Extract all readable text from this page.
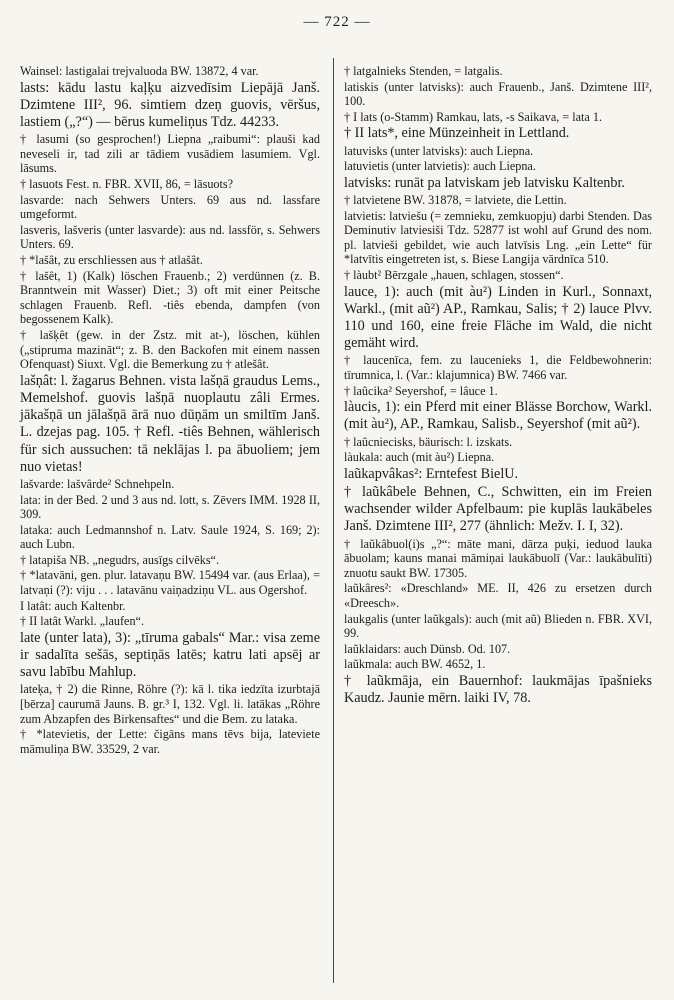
— 722 —

Wainsel: lastigalai trejvaluoda BW. 13872, 4 var.

lasts: kādu lastu kaļķu aizvedīsim Liepājā Janš. Dzimtene III², 96. simtiem dzeņ guovis, vēršus, lastiem („?“) — bērus kumeliņus Tdz. 44233.

† lasumi (so gesprochen!) Liepna „raibumi“: plauši kad neveseli ir, tad zili ar tādiem vusādiem lasumiem. Vgl. lāsums.

† lasuots Fest. n. FBR. XVII, 86, = lāsuots?

lasvarde: nach Sehwers Unters. 69 aus nd. lassfare umgeformt.

lasveris, lašveris (unter lasvarde): aus nd. lassför, s. Sehwers Unters. 69.

† *lašât, zu erschliessen aus † atlašât.

† lašêt, 1) (Kalk) löschen Frauenb.; 2) verdünnen (z. B. Branntwein mit Wasser) Diet.; 3) oft mit einer Peitsche schlagen Frauenb. Refl. -tiês ebenda, dampfen (von begossenem Kalk).

† lašķêt (gew. in der Zstz. mit at-), löschen, kühlen („stipruma mazināt“; z. B. den Backofen mit einem nassen Ofenquast) Siuxt. Vgl. die Bemerkung zu † atlešât.

lašņât: l. žagarus Behnen. vista lašņā graudus Lems., Memelshof. guovis lašņā nuoplautu zâli Ermes. jākašņā un jālašņā ārā nuo dūņām un smiltīm Janš. L. dzejas pag. 105. † Refl. -tiês Behnen, wählerisch für sich aussuchen: tā neklājas l. pa ābuoliem; jem nuo vietas!

lašvarde: lašvârde² Schnehpeln.

lata: in der Bed. 2 und 3 aus nd. lott, s. Zēvers IMM. 1928 II, 309.

lataka: auch Ledmannshof n. Latv. Saule 1924, S. 169; 2): auch Lubn.

† latapiša NB. „negudrs, ausīgs cilvēks“.

† *latavāni, gen. plur. latavaņu BW. 15494 var. (aus Erlaa), = latvaņi (?): viju . . . latavānu vaiņadziņu VL. aus Ogershof.

I latât: auch Kaltenbr.

† II latât Warkl. „laufen“.

late (unter lata), 3): „tīruma gabals“ Mar.: visa zeme ir sadalīta sešās, septiņās latēs; katru lati apsēj ar savu labību Mahlup.

lateķa, † 2) die Rinne, Röhre (?): kā l. tika iedzīta izurbtajā [bērza] caurumā Jauns. B. gr.³ I, 132. Vgl. li. latākas „Röhre zum Abzapfen des Birkensaftes“ und die Bem. zu lataka.

† *latevietis, der Lette: čigāns mans tēvs bija, lateviete māmuliņa BW. 33529, 2 var.

† latgalnieks Stenden, = latgalis.

latiskis (unter latvisks): auch Frauenb., Janš. Dzimtene III², 100.

† I lats (o-Stamm) Ramkau, lats, -s Saikava, = lata 1.

† II lats*, eine Münzeinheit in Lettland.

latuvisks (unter latvisks): auch Liepna.

latuvietis (unter latvietis): auch Liepna.

latvisks: runāt pa latviskam jeb latvisku Kaltenbr.

† latvietene BW. 31878, = latviete, die Lettin.

latvietis: latviešu (= zemnieku, zemkuopju) darbi Stenden. Das Deminutiv latviesiši Tdz. 52877 ist wohl auf Grund des nom. pl. latvieši gebildet, wie auch latvīsis Lng. „ein Lette“ für *latvītis eingetreten ist, s. Biese Langija vārdnīca 510.

† làubt² Bērzgale „hauen, schlagen, stossen“.

lauce, 1): auch (mit àu²) Linden in Kurl., Sonnaxt, Warkl., (mit aũ²) AP., Ramkau, Salis; † 2) lauce Plvv. 110 und 160, eine freie Fläche im Wald, die nicht gemäht wird.

† laucenīca, fem. zu laucenieks 1, die Feldbewohnerin: tīrumnica, l. (Var.: klajumnica) BW. 7466 var.

† laûcika² Seyershof, = lâuce 1.

làucis, 1): ein Pferd mit einer Blässe Borchow, Warkl. (mit àu²), AP., Ramkau, Salisb., Seyershof (mit aũ²).

† laûcniecisks, bäurisch: l. izskats.

làukala: auch (mit àu²) Liepna.

laũkapvâkas²: Erntefest BielU.

† laũkâbele Behnen, C., Schwitten, ein im Freien wachsender wilder Apfelbaum: pie kuplās laukābeles Janš. Dzimtene III², 277 (ähnlich: Mežv. I. I, 32).

† laũkâbuol(i)s „?“: māte mani, dārza puķi, ieduod lauka ābuolam; kauns manai māmiņai laukābuolī (Var.: laukābulīti) znuotu saukt BW. 17305.

laũkâres²: «Dreschland» ME. II, 426 zu ersetzen durch «Dreesch».

laukgalis (unter laũkgals): auch (mit aũ) Blieden n. FBR. XVI, 99.

laũklaidars: auch Dünsb. Od. 107.

laũkmala: auch BW. 4652, 1.

† laũkmāja, ein Bauernhof: laukmājas īpašnieks Kaudz. Jaunie mērn. laiki IV, 78.
